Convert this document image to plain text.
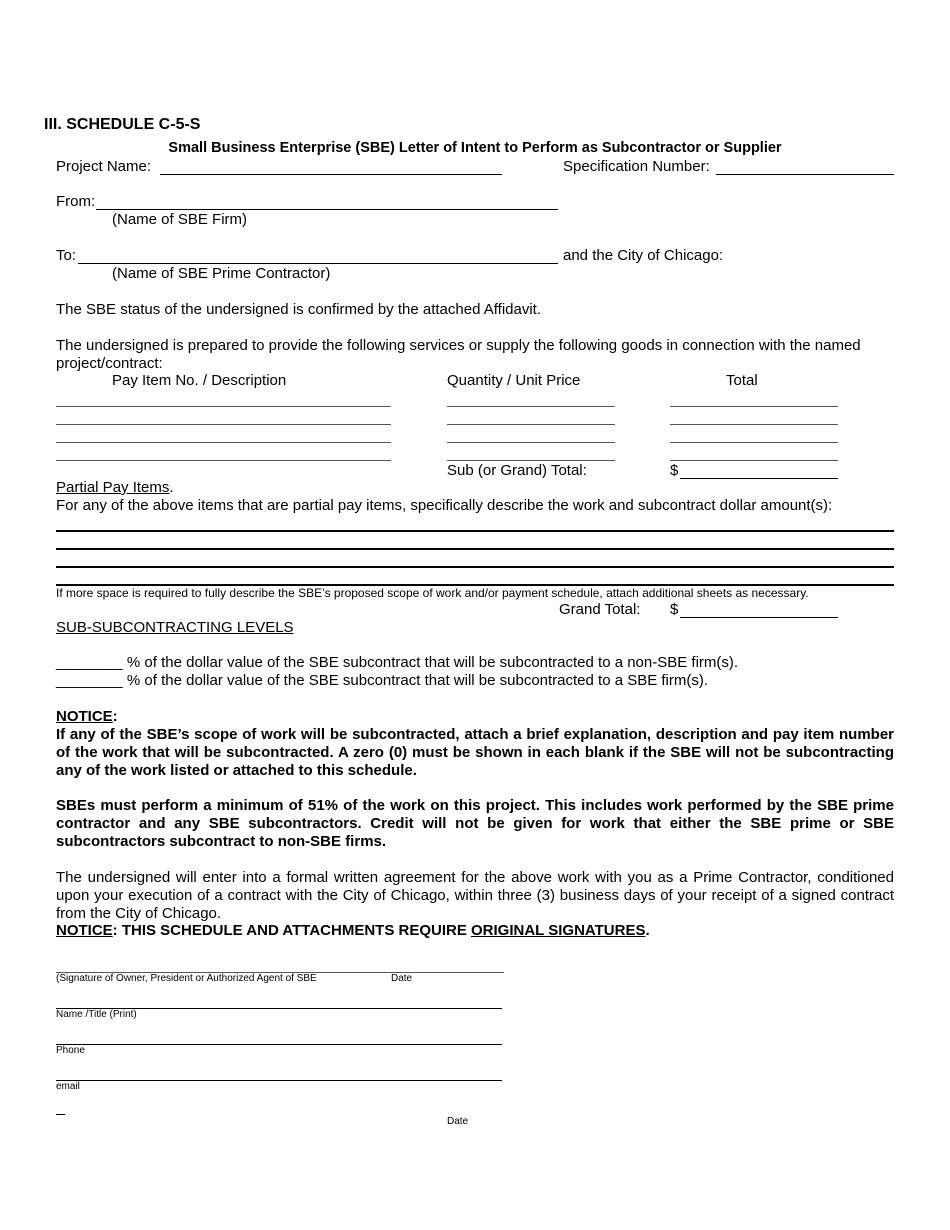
III. SCHEDULE C-5-S
Small Business Enterprise (SBE) Letter of Intent to Perform as Subcontractor or Supplier
Project Name:	Specification Number:
From:
(Name of SBE Firm)
To:	and the City of Chicago:
(Name of SBE Prime Contractor)
The SBE status of the undersigned is confirmed by the attached Affidavit.
The undersigned is prepared to provide the following services or supply the following goods in connection with the named project/contract:
Pay Item No. / Description	Quantity / Unit Price	Total
Sub (or Grand) Total:	$
Partial Pay Items.
For any of the above items that are partial pay items, specifically describe the work and subcontract dollar amount(s):
If more space is required to fully describe the SBE’s proposed scope of work and/or payment schedule, attach additional sheets as necessary.
Grand Total: $
SUB-SUBCONTRACTING LEVELS
________ % of the dollar value of the SBE subcontract that will be subcontracted to a non-SBE firm(s).
________ % of the dollar value of the SBE subcontract that will be subcontracted to a SBE firm(s).
NOTICE:
If any of the SBE’s scope of work will be subcontracted, attach a brief explanation, description and pay item number of the work that will be subcontracted. A zero (0) must be shown in each blank if the SBE will not be subcontracting any of the work listed or attached to this schedule.
SBEs must perform a minimum of 51% of the work on this project. This includes work performed by the SBE prime contractor and any SBE subcontractors. Credit will not be given for work that either the SBE prime or SBE subcontractors subcontract to non-SBE firms.
The undersigned will enter into a formal written agreement for the above work with you as a Prime Contractor, conditioned upon your execution of a contract with the City of Chicago, within three (3) business days of your receipt of a signed contract from the City of Chicago.
NOTICE: THIS SCHEDULE AND ATTACHMENTS REQUIRE ORIGINAL SIGNATURES.
(Signature of Owner, President or Authorized Agent of SBE	Date
Name /Title (Print)
Phone
email
Date
